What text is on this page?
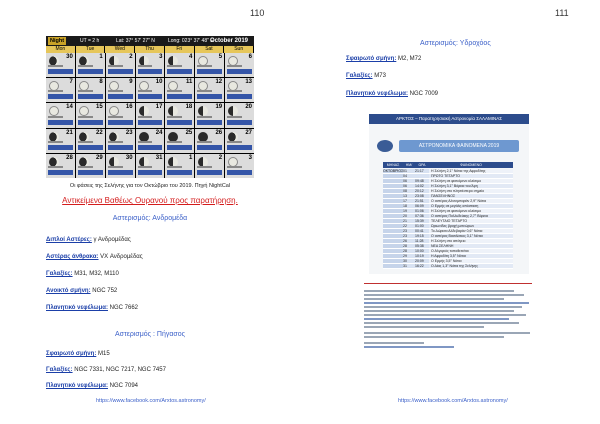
110
Night	UT = 2 h	Lat: 37° 57' 27" N	Long: 023° 37' 48" E
October 2019
Mon	Tue	Wed	Thu	Fri	Sat	Sun
30	1	2	3	4	5	6
7	8	9	10	11	12	13
14	15	16	17	18	19	20
21	22	23	24	25	26	27
28	29	30	31	1	2	3
Οι φάσεις της Σελήνης για τον Οκτώβριο του 2019. Πηγή NightCal
Αντικείμενα Βαθέως Ουρανού προς παρατήρηση.
Αστερισμός: Ανδρομέδα
Διπλοί Αστέρες: γ Ανδρομέδας
Αστέρας άνθρακα: VX Ανδρομέδας
Γαλαξίες: M31, M32, M110
Ανοικτό σμήνη: NGC 752
Πλανητικό νεφέλωμα: NGC 7662
Αστερισμός : Πήγασος
Σφαιρωτό σμήνη: M15
Γαλαξίες: NGC 7331, NGC 7217, NGC 7457
Πλανητικό νεφέλωμα: NGC 7094
https://www.facebook.com/Arxtos.astronomy/
111
Αστερισμός: Υδροχόος
Σφαιρωτό σμήνη: M2, M72
Γαλαξίες: M73
Πλανητικό νεφέλωμα: NGC 7009
ΑΡΚΤΟΣ – Παρατηρησιακή Αστρονομία ΣΑΛΑΜΙΝΑΣ
ΑΣΤΡΟΝΟΜΙΚΑ ΦΑΙΝΟΜΕΝΑ 2019
ΜΗΝΑΣ	ΗΜ/	ΩΡΑ	ΦΑΙΝΟΜΕΝΟ
ΟΚΤΩΒΡΙΟΣ 01	21:17	Η Σελήνη 2,1° Νότια της Αφροδίτης
04	ΠΡΩΤΟ ΤΕΤΑΡΤΟ
06	09:48	Η Σελήνη σε φαινόμενο κλείσιμο
06	14:02	Η Σελήνη 3,1° Βόρεια του Άρη
08	20:12	Η Σελήνη στο πλησιέστερο σημείο
13	23:08	ΠΑΝΣΕΛΗΝΟΣ
17	21:51	Ο αστέρας Αλντεμπαράν 2,9° Νότια
18	06:09	Ο Ερμής σε μεγάλη απόσταση
19	01:06	Η Σελήνη σε φαινόμενο κλείσιμο
20	07:36	Ο αστέρας Πολλυδεύκης 2,7° Βόρεια
21	15:39	ΤΕΛΕΥΤΑΙΟ ΤΕΤΑΡΤΟ
22	01:00	Ωριωνίδες βροχή μετεώρων
23	00:41	Το Δώρισα Αλδεβαράν 0,6° Νότια
23	19:15	Ο αστέρας Βασιλίσκος 3,1° Νότια
26	11:28	Η Σελήνη στο απόγειο
28	05:38	ΝΕΑ ΣΕΛΗΝΗ
28	10:00	Ο Αλγοριός τοποθετείται
29	10:19	Η Αφροδίτη 3,5° Νότια
30	20:09	Ο Ερμής 3,5° Νότια
31	16:22	Ο Δίας 1,3° Νότια της Σελήνης
https://www.facebook.com/Arxtos.astronomy/
